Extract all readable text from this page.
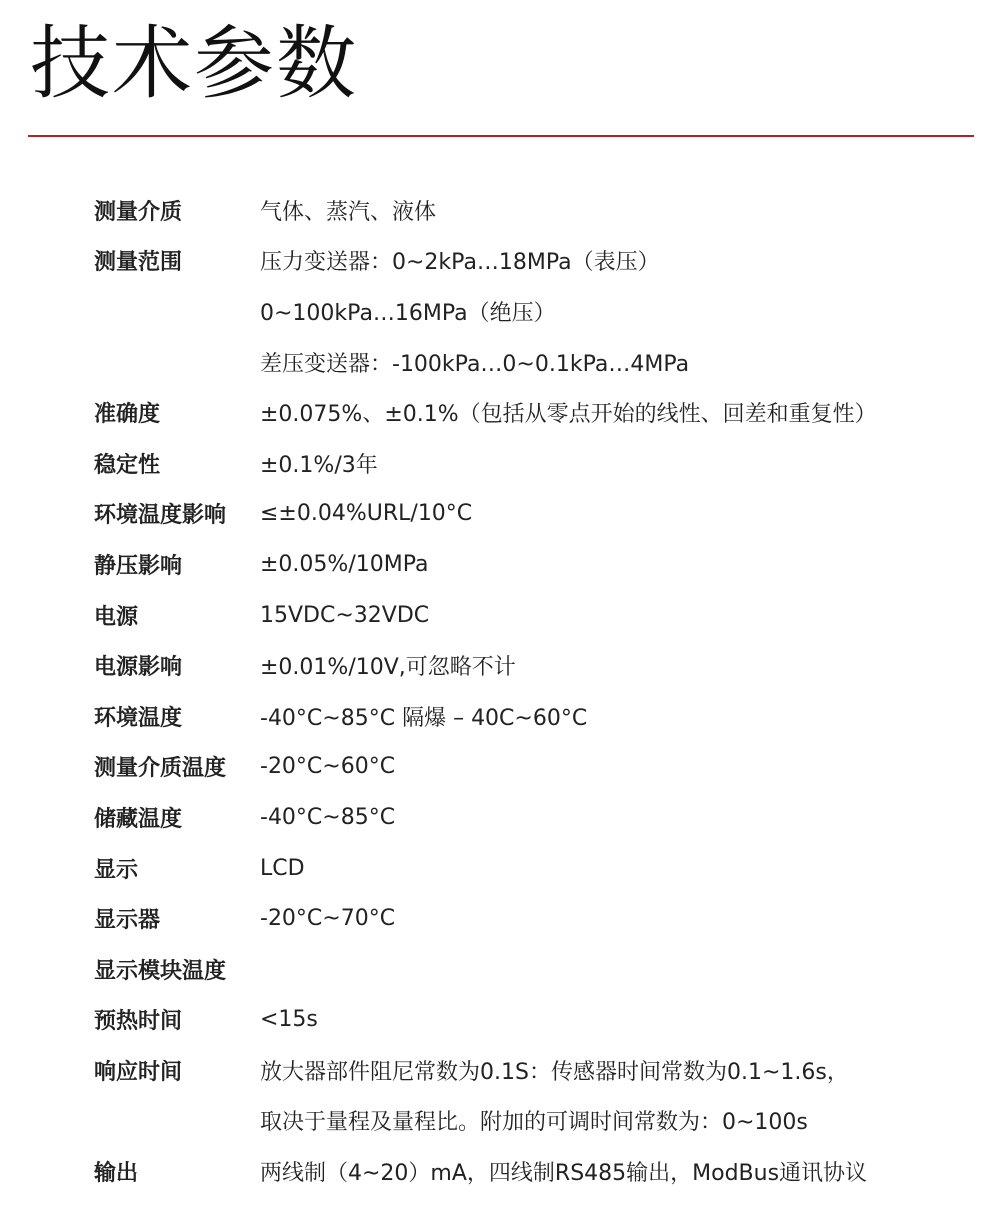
技术参数
测量介质	气体、蒸汽、液体
测量范围	压力变送器：0~2kPa…18MPa（表压）
0~100kPa…16MPa（绝压）
差压变送器：-100kPa…0~0.1kPa…4MPa
准确度	±0.075%、±0.1%（包括从零点开始的线性、回差和重复性）
稳定性	±0.1%/3年
环境温度影响	≤±0.04%URL/10°C
静压影响	±0.05%/10MPa
电源	15VDC~32VDC
电源影响	±0.01%/10V,可忽略不计
环境温度	-40°C~85°C 隔爆 – 40C~60°C
测量介质温度	-20°C~60°C
储藏温度	-40°C~85°C
显示	LCD
显示器	-20°C~70°C
显示模块温度
预热时间	<15s
响应时间	放大器部件阻尼常数为0.1S：传感器时间常数为0.1~1.6s，
取决于量程及量程比。附加的可调时间常数为：0~100s
输出	两线制（4~20）mA，四线制RS485输出，ModBus通讯协议
